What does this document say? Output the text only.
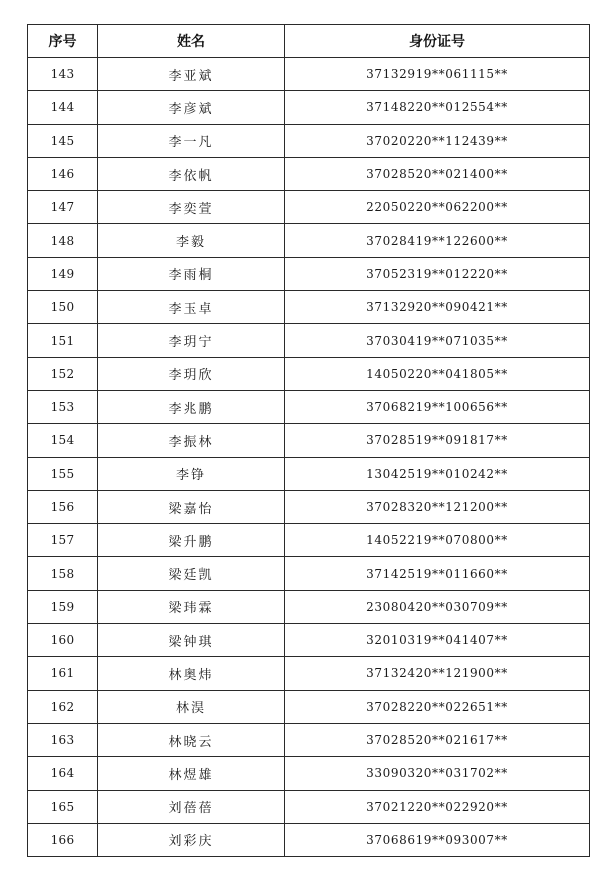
序号	姓名	身份证号
143	李亚斌	37132919**061115**
144	李彦斌	37148220**012554**
145	李一凡	37020220**112439**
146	李依帆	37028520**021400**
147	李奕萱	22050220**062200**
148	李毅	37028419**122600**
149	李雨桐	37052319**012220**
150	李玉卓	37132920**090421**
151	李玥宁	37030419**071035**
152	李玥欣	14050220**041805**
153	李兆鹏	37068219**100656**
154	李振林	37028519**091817**
155	李铮	13042519**010242**
156	梁嘉怡	37028320**121200**
157	梁升鹏	14052219**070800**
158	梁廷凯	37142519**011660**
159	梁玮霖	23080420**030709**
160	梁钟琪	32010319**041407**
161	林奥炜	37132420**121900**
162	林淏	37028220**022651**
163	林晓云	37028520**021617**
164	林煜雄	33090320**031702**
165	刘蓓蓓	37021220**022920**
166	刘彩庆	37068619**093007**
